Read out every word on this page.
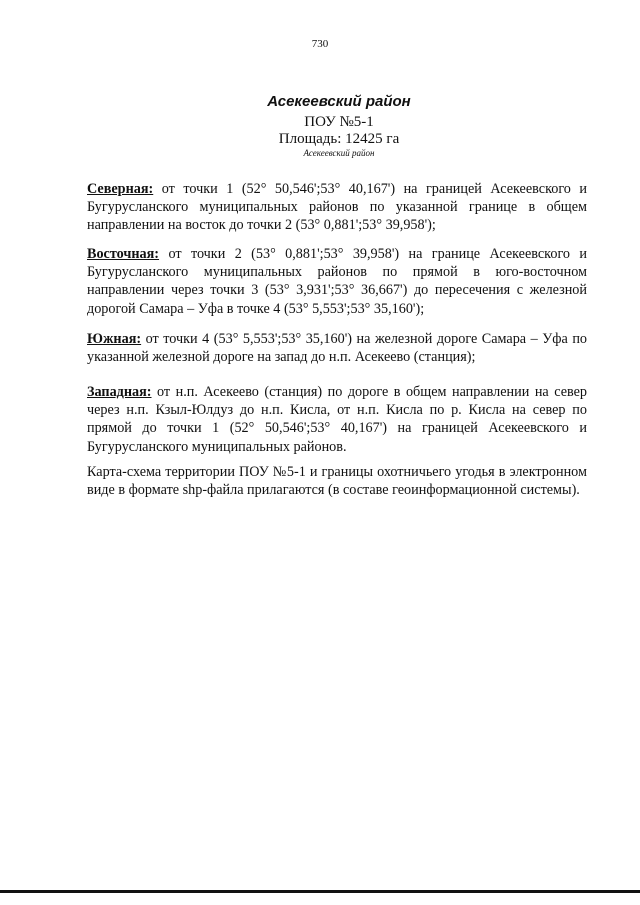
730
Асекеевский район
ПОУ №5-1
Площадь: 12425 га
Асекеевский район

Северная: от точки 1 (52° 50,546';53° 40,167') на границей Асекеевского и Бугурусланского муниципальных районов по указанной границе в общем направлении на восток до точки 2 (53° 0,881';53° 39,958');

Восточная: от точки 2 (53° 0,881';53° 39,958') на границе Асекеевского и Бугурусланского муниципальных районов по прямой в юго-восточном направлении через точки 3 (53° 3,931';53° 36,667') до пересечения с железной дорогой Самара – Уфа в точке 4 (53° 5,553';53° 35,160');

Южная: от точки 4 (53° 5,553';53° 35,160') на железной дороге Самара – Уфа по указанной железной дороге на запад до н.п. Асекеево (станция);

Западная: от н.п. Асекеево (станция) по дороге в общем направлении на север через н.п. Кзыл-Юлдуз до н.п. Кисла, от н.п. Кисла по р. Кисла на север по прямой до точки 1 (52° 50,546';53° 40,167') на границей Асекеевского и Бугурусланского муниципальных районов.

Карта-схема территории ПОУ №5-1 и границы охотничьего угодья в электронном виде в формате shp-файла прилагаются (в составе геоинформационной системы).
